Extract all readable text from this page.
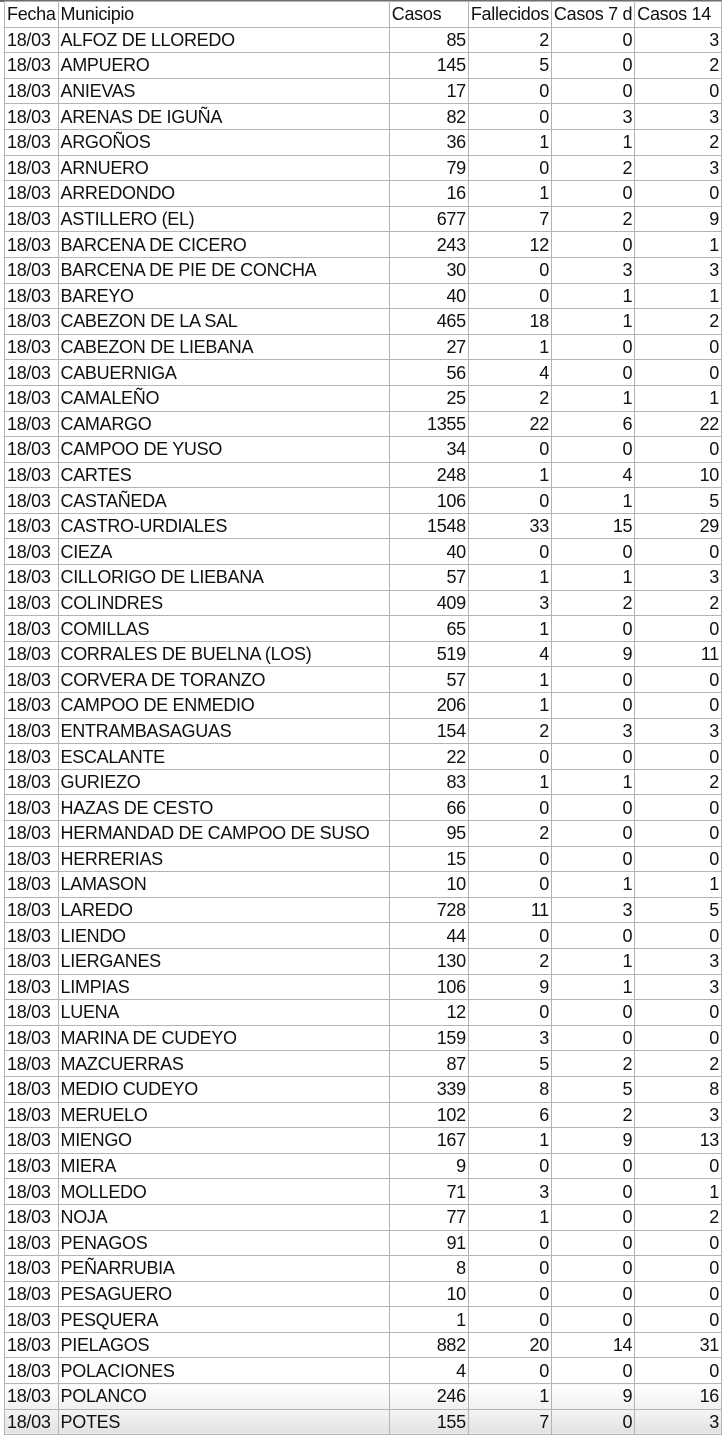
Fecha	Municipio	Casos	Fallecidos	Casos 7 d	Casos 14
18/03	ALFOZ DE LLOREDO	85	2	0	3
18/03	AMPUERO	145	5	0	2
18/03	ANIEVAS	17	0	0	0
18/03	ARENAS DE IGUÑA	82	0	3	3
18/03	ARGOÑOS	36	1	1	2
18/03	ARNUERO	79	0	2	3
18/03	ARREDONDO	16	1	0	0
18/03	ASTILLERO (EL)	677	7	2	9
18/03	BARCENA DE CICERO	243	12	0	1
18/03	BARCENA DE PIE DE CONCHA	30	0	3	3
18/03	BAREYO	40	0	1	1
18/03	CABEZON DE LA SAL	465	18	1	2
18/03	CABEZON DE LIEBANA	27	1	0	0
18/03	CABUERNIGA	56	4	0	0
18/03	CAMALEÑO	25	2	1	1
18/03	CAMARGO	1355	22	6	22
18/03	CAMPOO DE YUSO	34	0	0	0
18/03	CARTES	248	1	4	10
18/03	CASTAÑEDA	106	0	1	5
18/03	CASTRO-URDIALES	1548	33	15	29
18/03	CIEZA	40	0	0	0
18/03	CILLORIGO DE LIEBANA	57	1	1	3
18/03	COLINDRES	409	3	2	2
18/03	COMILLAS	65	1	0	0
18/03	CORRALES DE BUELNA (LOS)	519	4	9	11
18/03	CORVERA DE TORANZO	57	1	0	0
18/03	CAMPOO DE ENMEDIO	206	1	0	0
18/03	ENTRAMBASAGUAS	154	2	3	3
18/03	ESCALANTE	22	0	0	0
18/03	GURIEZO	83	1	1	2
18/03	HAZAS DE CESTO	66	0	0	0
18/03	HERMANDAD DE CAMPOO DE SUSO	95	2	0	0
18/03	HERRERIAS	15	0	0	0
18/03	LAMASON	10	0	1	1
18/03	LAREDO	728	11	3	5
18/03	LIENDO	44	0	0	0
18/03	LIERGANES	130	2	1	3
18/03	LIMPIAS	106	9	1	3
18/03	LUENA	12	0	0	0
18/03	MARINA DE CUDEYO	159	3	0	0
18/03	MAZCUERRAS	87	5	2	2
18/03	MEDIO CUDEYO	339	8	5	8
18/03	MERUELO	102	6	2	3
18/03	MIENGO	167	1	9	13
18/03	MIERA	9	0	0	0
18/03	MOLLEDO	71	3	0	1
18/03	NOJA	77	1	0	2
18/03	PENAGOS	91	0	0	0
18/03	PEÑARRUBIA	8	0	0	0
18/03	PESAGUERO	10	0	0	0
18/03	PESQUERA	1	0	0	0
18/03	PIELAGOS	882	20	14	31
18/03	POLACIONES	4	0	0	0
18/03	POLANCO	246	1	9	16
18/03	POTES	155	7	0	3
